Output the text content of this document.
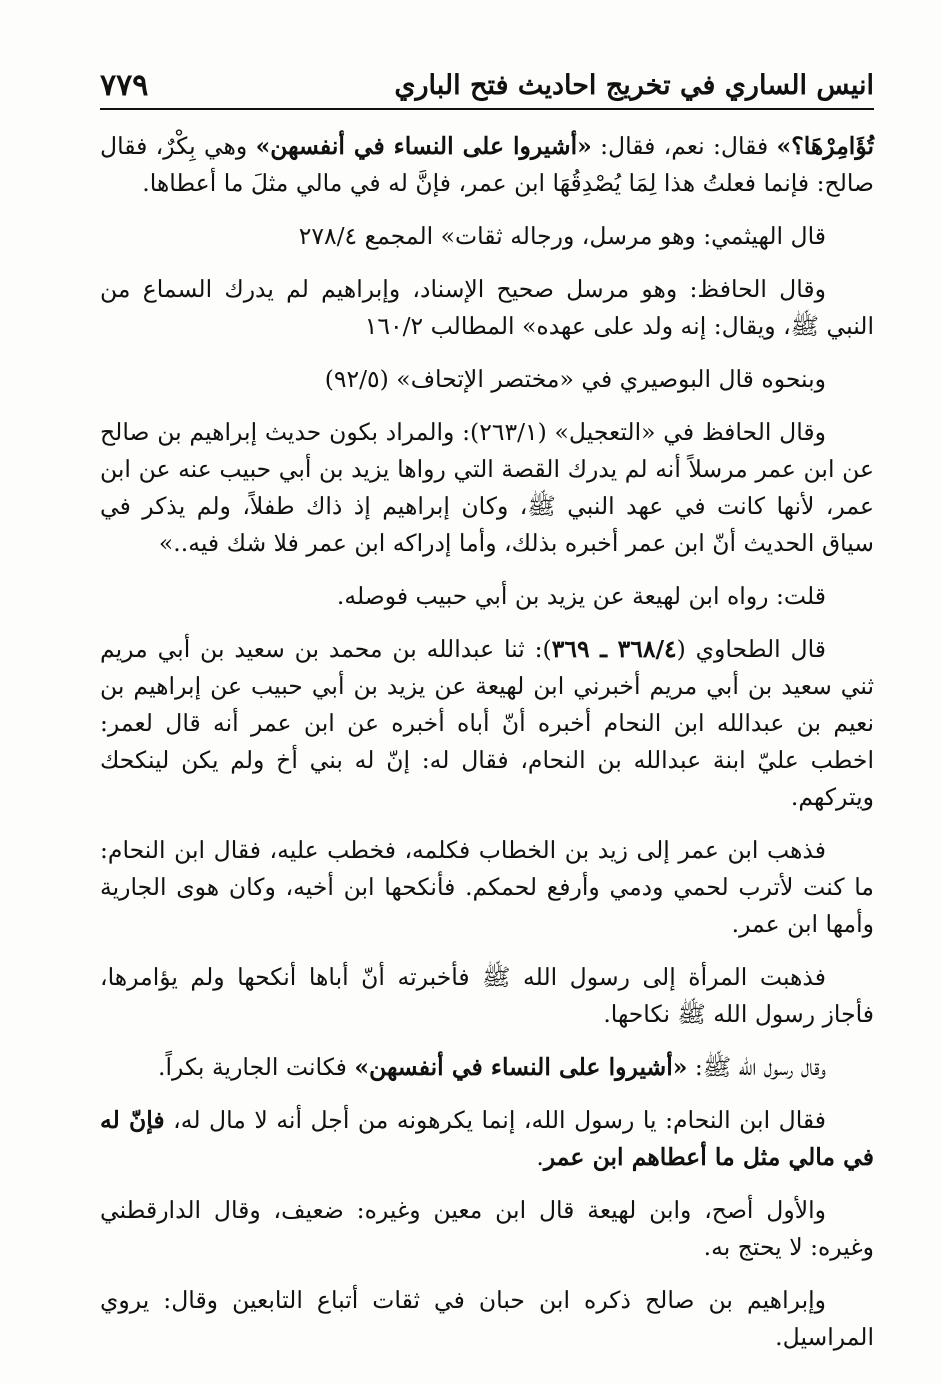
انيس الساري في تخريج احاديث فتح الباري
٧٧٩

تُؤَامِرْهَا؟» فقال: نعم، فقال: «أشيروا على النساء في أنفسهن» وهي بِكْرٌ، فقال صالح: فإنما فعلتُ هذا لِمَا يُصْدِقُهَا ابن عمر، فإنَّ له في مالي مثلَ ما أعطاها.

قال الهيثمي: وهو مرسل، ورجاله ثقات» المجمع ٢٧٨/٤

وقال الحافظ: وهو مرسل صحيح الإسناد، وإبراهيم لم يدرك السماع من النبي ﷺ، ويقال: إنه ولد على عهده» المطالب ١٦٠/٢

وبنحوه قال البوصيري في «مختصر الإتحاف» (٩٢/٥)

وقال الحافظ في «التعجيل» (٢٦٣/١): والمراد بكون حديث إبراهيم بن صالح عن ابن عمر مرسلاً أنه لم يدرك القصة التي رواها يزيد بن أبي حبيب عنه عن ابن عمر، لأنها كانت في عهد النبي ﷺ، وكان إبراهيم إذ ذاك طفلاً، ولم يذكر في سياق الحديث أنّ ابن عمر أخبره بذلك، وأما إدراكه ابن عمر فلا شك فيه..»

قلت: رواه ابن لهيعة عن يزيد بن أبي حبيب فوصله.

قال الطحاوي (٣٦٨/٤ ـ ٣٦٩): ثنا عبدالله بن محمد بن سعيد بن أبي مريم ثني سعيد بن أبي مريم أخبرني ابن لهيعة عن يزيد بن أبي حبيب عن إبراهيم بن نعيم بن عبدالله ابن النحام أخبره أنّ أباه أخبره عن ابن عمر أنه قال لعمر: اخطب عليّ ابنة عبدالله بن النحام، فقال له: إنّ له بني أخ ولم يكن لينكحك ويتركهم.

فذهب ابن عمر إلى زيد بن الخطاب فكلمه، فخطب عليه، فقال ابن النحام: ما كنت لأترب لحمي ودمي وأرفع لحمكم. فأنكحها ابن أخيه، وكان هوى الجارية وأمها ابن عمر.

فذهبت المرأة إلى رسول الله ﷺ فأخبرته أنّ أباها أنكحها ولم يؤامرها، فأجاز رسول الله ﷺ نكاحها.

وقال رسول الله ﷺ: «أشيروا على النساء في أنفسهن» فكانت الجارية بكراً.

فقال ابن النحام: يا رسول الله، إنما يكرهونه من أجل أنه لا مال له، فإنّ له في مالي مثل ما أعطاهم ابن عمر.

والأول أصح، وابن لهيعة قال ابن معين وغيره: ضعيف، وقال الدارقطني وغيره: لا يحتج به.

وإبراهيم بن صالح ذكره ابن حبان في ثقات أتباع التابعين وقال: يروي المراسيل.
